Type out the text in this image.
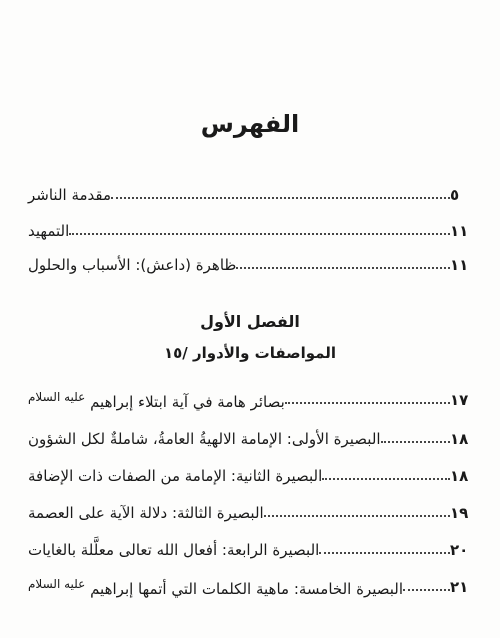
الفهرس
مقدمة الناشر	٥
التمهيد	١١
ظاهرة (داعش): الأسباب والحلول	١١
الفصل الأول
المواصفات والأدوار /١٥
بصائر هامة في آية ابتلاء إبراهيم $^{عليه السلام}$	١٧
البصيرة الأولى: الإمامة الالهيةُ العامةُ، شاملةٌ لكل الشؤون	١٨
البصيرة الثانية: الإمامة من الصفات ذات الإضافة	١٨
البصيرة الثالثة: دلالة الآية على العصمة	١٩
البصيرة الرابعة: أفعال الله تعالى معلَّلة بالغايات	٢٠
البصيرة الخامسة: ماهية الكلمات التي أتمها إبراهيم $^{عليه السلام}$	٢١
